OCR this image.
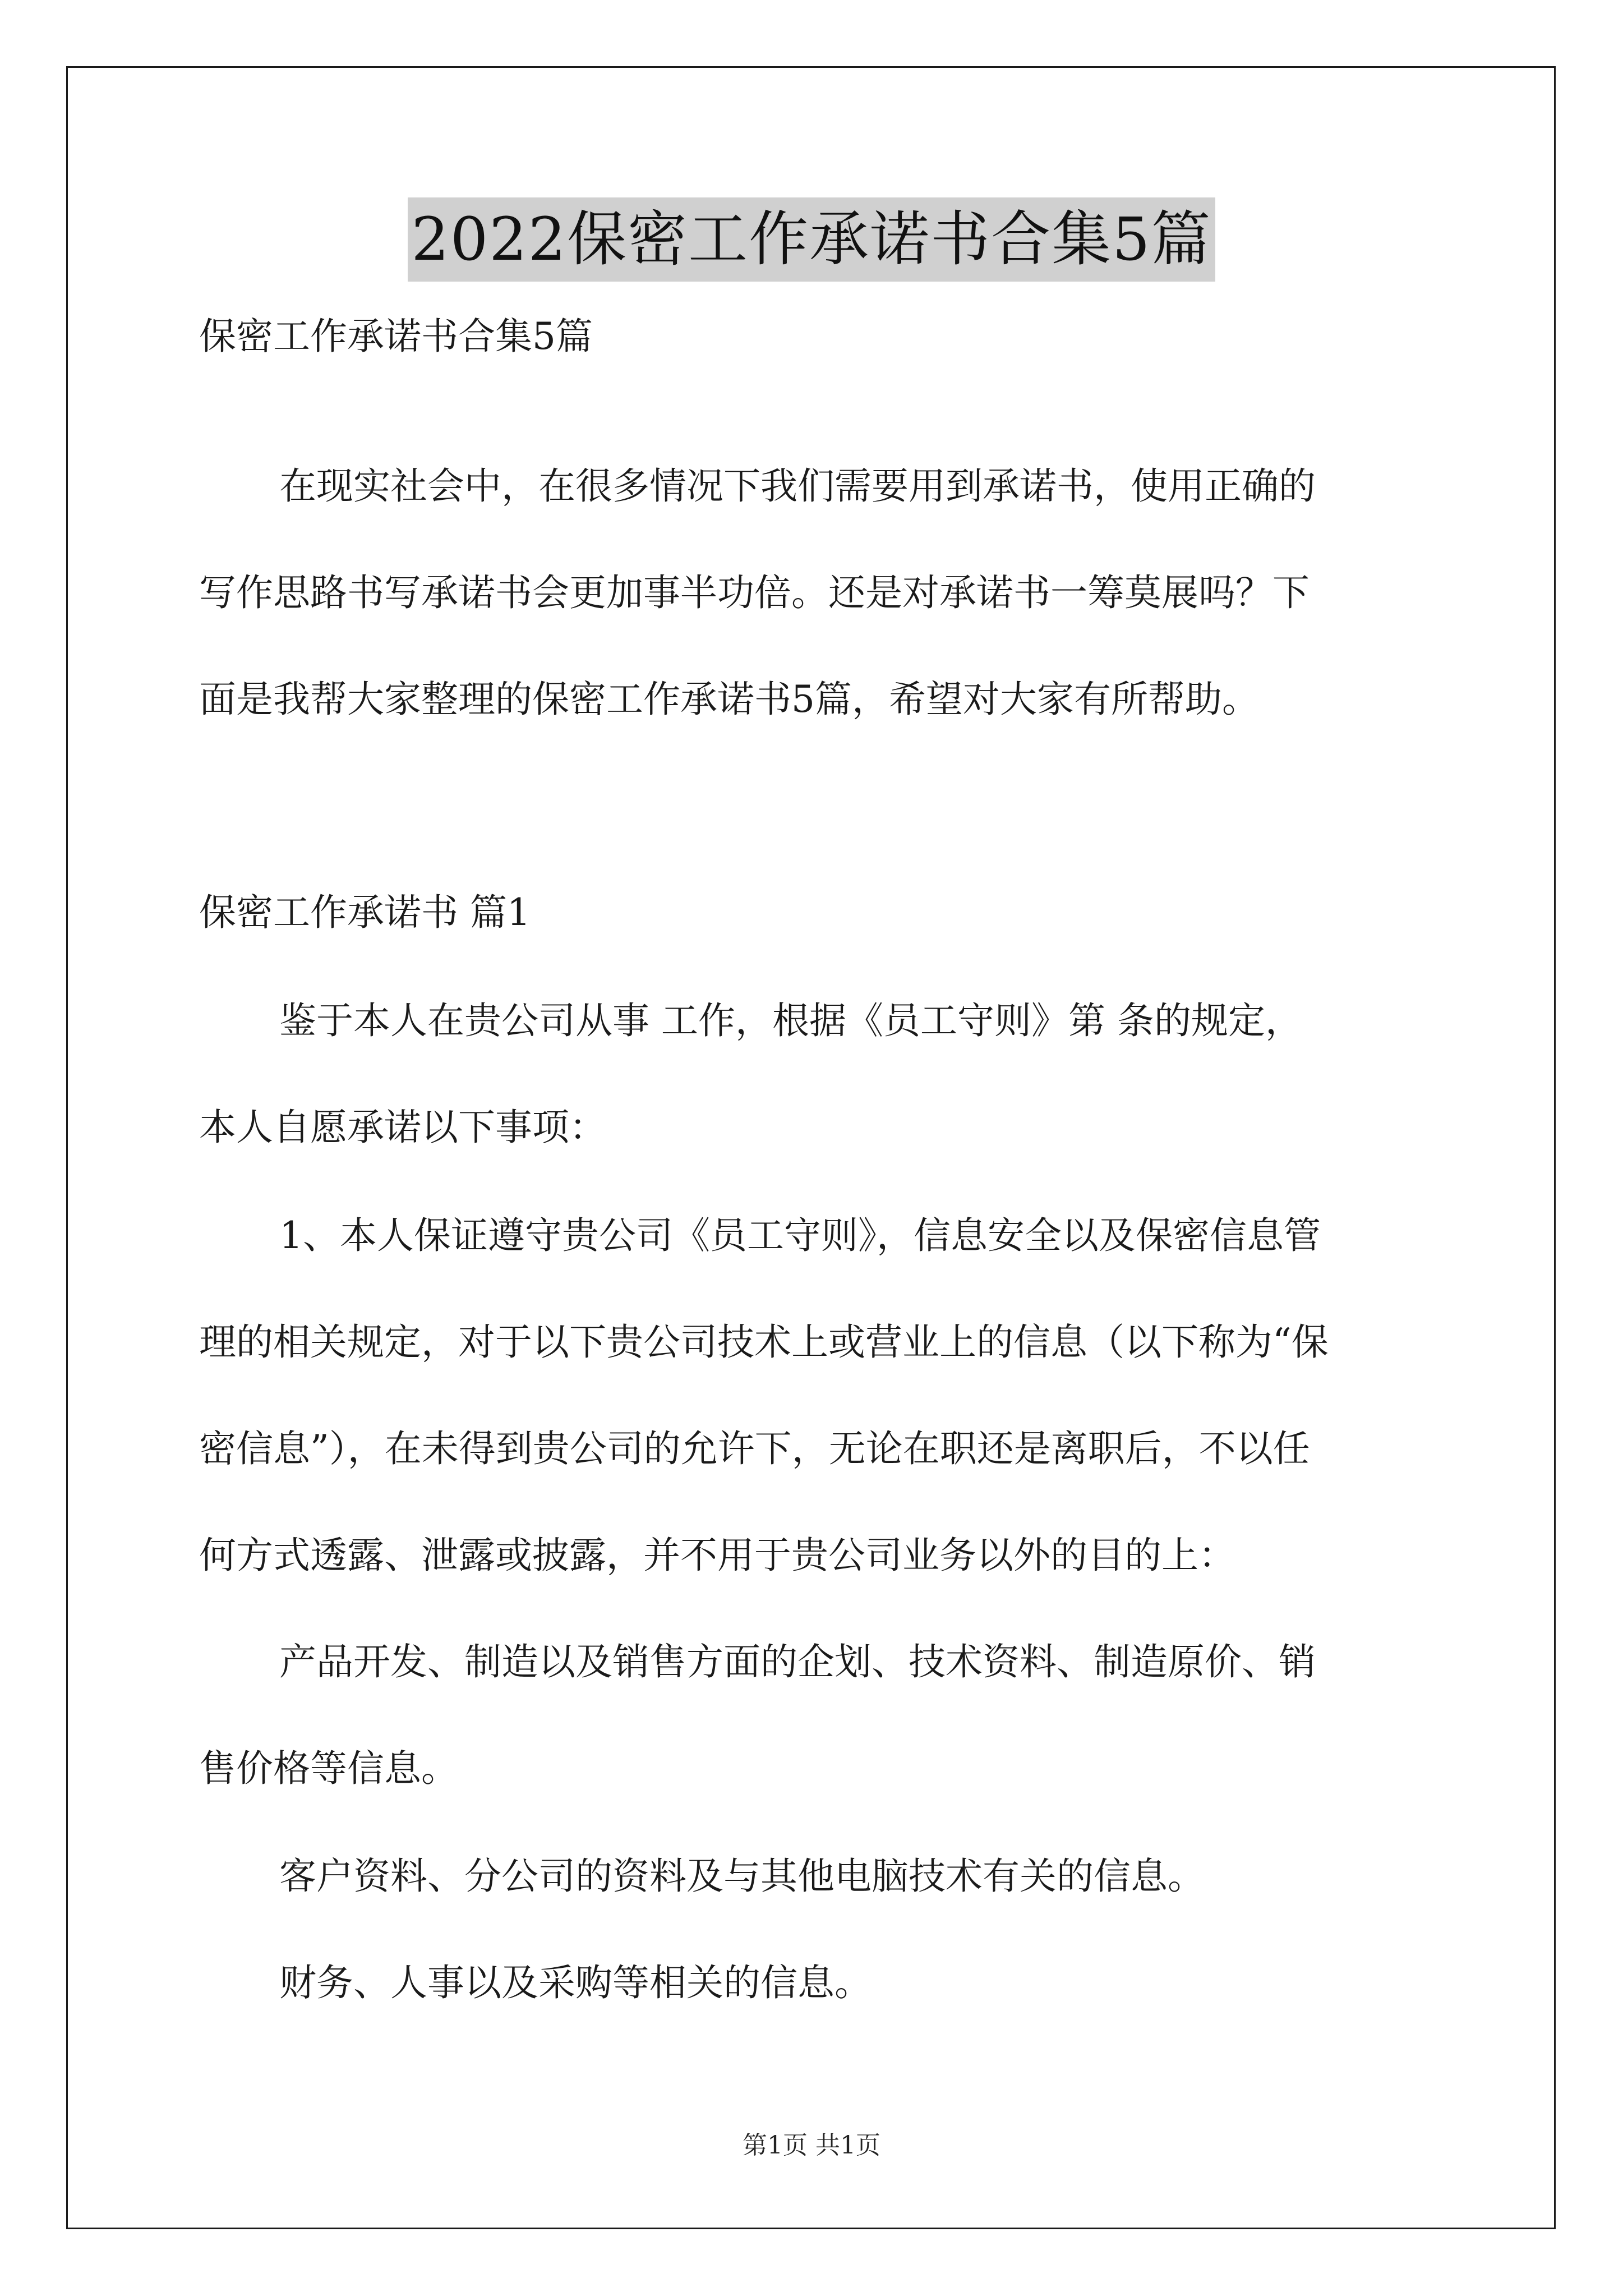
2022保密工作承诺书合集5篇
保密工作承诺书合集5篇
在现实社会中，在很多情况下我们需要用到承诺书，使用正确的
写作思路书写承诺书会更加事半功倍。还是对承诺书一筹莫展吗？下
面是我帮大家整理的保密工作承诺书5篇，希望对大家有所帮助。
保密工作承诺书 篇1
鉴于本人在贵公司从事 工作，根据《员工守则》第 条的规定，
本人自愿承诺以下事项：
1、本人保证遵守贵公司《员工守则》，信息安全以及保密信息管
理的相关规定，对于以下贵公司技术上或营业上的信息（以下称为“保
密信息”），在未得到贵公司的允许下，无论在职还是离职后，不以任
何方式透露、泄露或披露，并不用于贵公司业务以外的目的上：
产品开发、制造以及销售方面的企划、技术资料、制造原价、销
售价格等信息。
客户资料、分公司的资料及与其他电脑技术有关的信息。
财务、人事以及采购等相关的信息。
第1页 共1页
